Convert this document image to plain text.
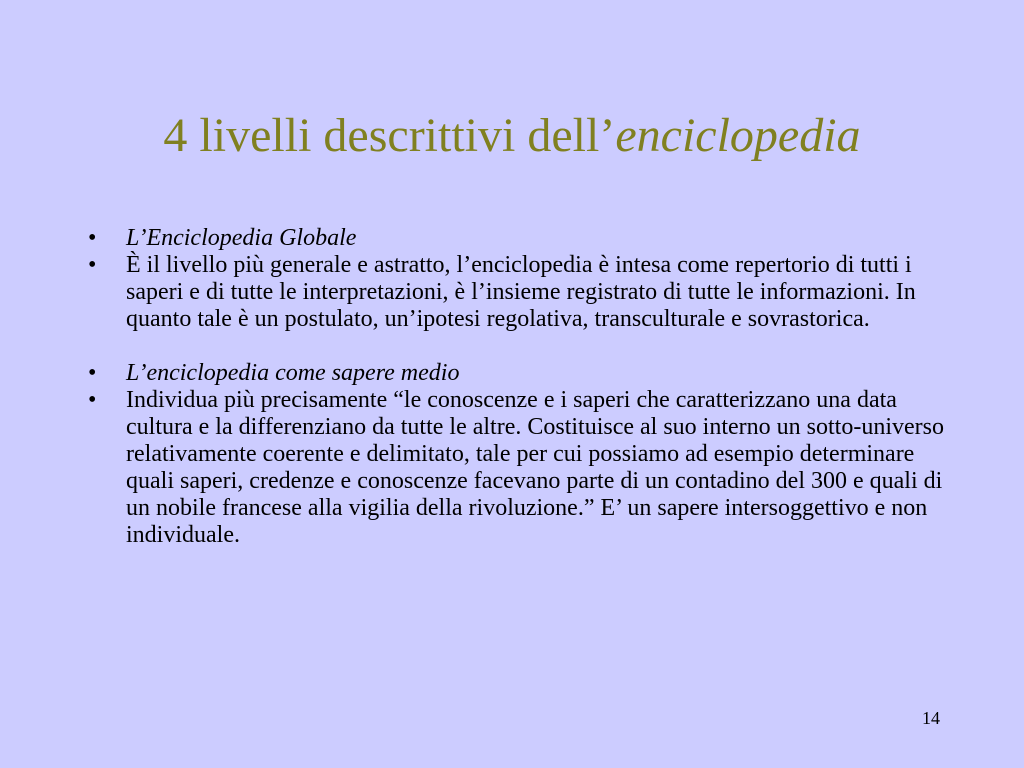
4 livelli descrittivi dell’enciclopedia
•	L’Enciclopedia Globale
•	È il livello più generale e astratto, l’enciclopedia è intesa come repertorio di tutti i saperi e di tutte le interpretazioni, è l’insieme registrato di tutte le informazioni. In quanto tale è un postulato, un’ipotesi regolativa, transculturale e sovrastorica.
•	L’enciclopedia come sapere medio
•	Individua più precisamente “le conoscenze e i saperi che caratterizzano una data cultura e la differenziano da tutte le altre. Costituisce al suo interno un sotto-universo relativamente coerente e delimitato, tale per cui possiamo ad esempio determinare quali saperi, credenze e conoscenze facevano parte di un contadino del 300 e quali di un nobile francese alla vigilia della rivoluzione.” E’ un sapere intersoggettivo e non individuale.
14
